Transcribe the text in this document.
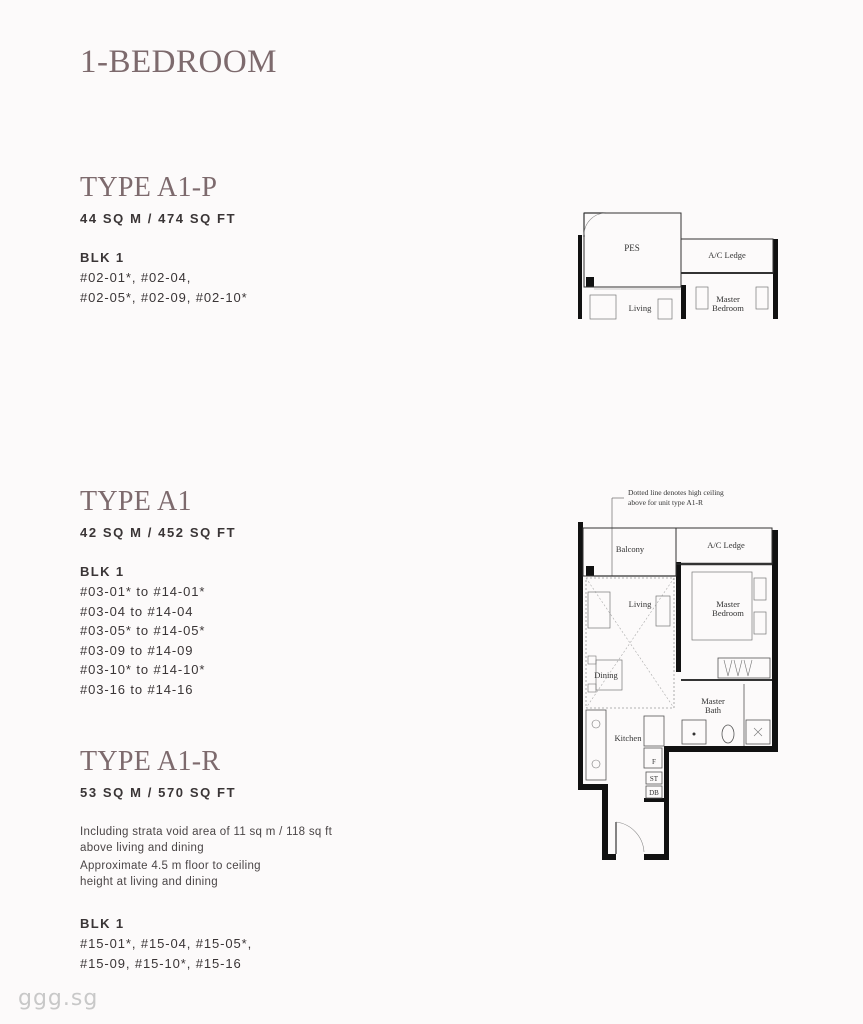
1-BEDROOM
TYPE A1-P

44 SQ M / 474 SQ FT

BLK 1

#02-01*, #02-04,
#02-05*, #02-09, #02-10*
PES
A/C Ledge
Living
Master
Bedroom
TYPE A1

42 SQ M / 452 SQ FT

BLK 1

#03-01* to #14-01*
#03-04 to #14-04
#03-05* to #14-05*
#03-09 to #14-09
#03-10* to #14-10*
#03-16 to #14-16
TYPE A1-R

53 SQ M / 570 SQ FT

Including strata void area of 11 sq m / 118 sq ft
above living and dining
Approximate 4.5 m floor to ceiling
height at living and dining

BLK 1

#15-01*, #15-04, #15-05*,
#15-09, #15-10*, #15-16
Dotted line denotes high ceiling
above for unit type A1-R
Balcony	A/C Ledge
Living	Master
Bedroom
Dining
Master
Bath
Kitchen
F
ST
DB
ggg.sg
